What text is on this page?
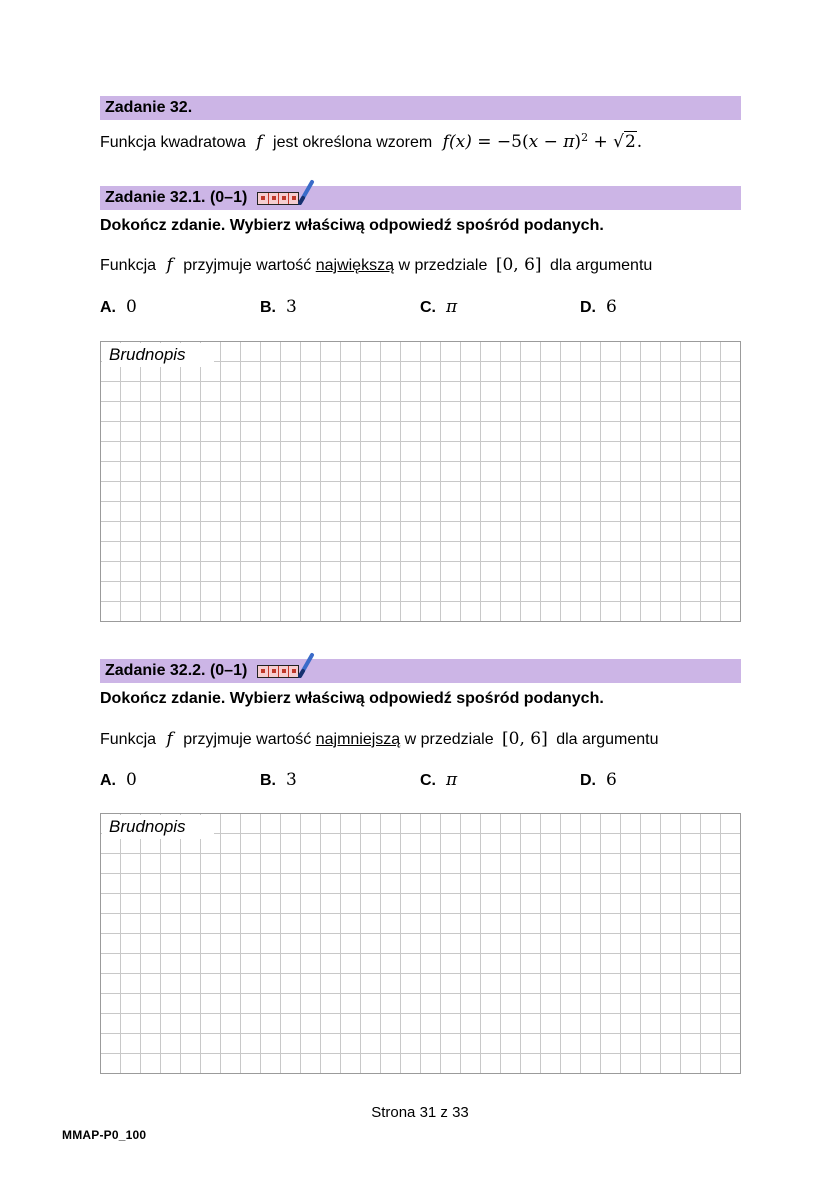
Zadanie 32.
Funkcja kwadratowa f jest określona wzorem $f(x) = -5(x - \pi)^2 + √2$.
Zadanie 32.1. (0–1)
Dokończ zdanie. Wybierz właściwą odpowiedź spośród podanych.
Funkcja f przyjmuje wartość największą w przedziale [0, 6] dla argumentu
A. 0	B. 3	C. π	D. 6
Brudnopis
Zadanie 32.2. (0–1)
Dokończ zdanie. Wybierz właściwą odpowiedź spośród podanych.
Funkcja f przyjmuje wartość najmniejszą w przedziale [0, 6] dla argumentu
A. 0	B. 3	C. π	D. 6
Brudnopis
Strona 31 z 33
MMAP-P0_100
